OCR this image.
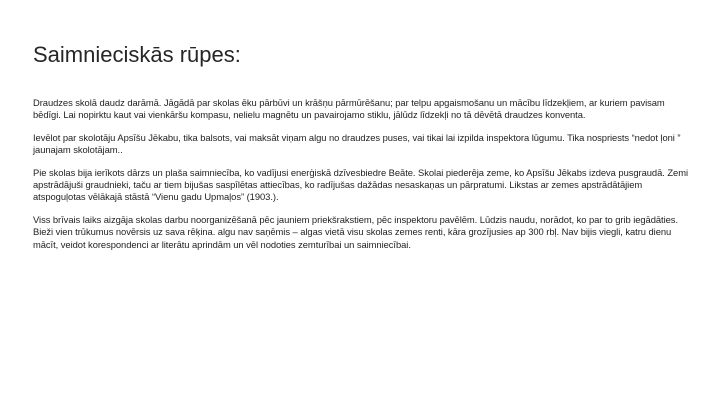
Saimnieciskās rūpes:

Draudzes skolā daudz darāmā. Jāgādā par skolas ēku pārbūvi un krāšņu pārmūrēšanu; par telpu apgaismošanu un mācību līdzekļiem, ar kuriem pavisam bēdīgi. Lai nopirktu kaut vai vienkāršu kompasu, nelielu magnētu un pavairojamo stiklu, jālūdz līdzekļi no tā dēvētā draudzes konventa.

Ievēlot par skolotāju Apsīšu Jēkabu, tika balsots, vai maksāt viņam algu no draudzes puses, vai tikai lai izpilda inspektora lūgumu. Tika nospriests “nedot ļoni ” jaunajam skolotājam..

Pie skolas bija ierīkots dārzs un plaša saimniecība, ko vadījusi enerģiskā dzīvesbiedre Beāte. Skolai piederēja zeme, ko Apsīšu Jēkabs izdeva pusgraudā. Zemi apstrādājuši graudnieki, taču ar tiem bijušas saspīlētas attiecības, ko radījušas dažādas nesaskaņas un pārpratumi. Likstas ar zemes apstrādātājiem atspoguļotas vēlākajā stāstā “Vienu gadu Upmaļos” (1903.).

Viss brīvais laiks aizgāja skolas darbu noorganizēšanā pēc jauniem priekšrakstiem, pēc inspektoru pavēlēm. Lūdzis naudu, norādot, ko par to grib iegādāties. Bieži vien trūkumus novērsis uz sava rēķina. algu nav saņēmis – algas vietā visu skolas zemes renti, kāra grozījusies ap 300 rbļ. Nav bijis viegli, katru dienu mācīt, veidot korespondenci ar literātu aprindām un vēl nodoties zemturībai un saimniecībai.
